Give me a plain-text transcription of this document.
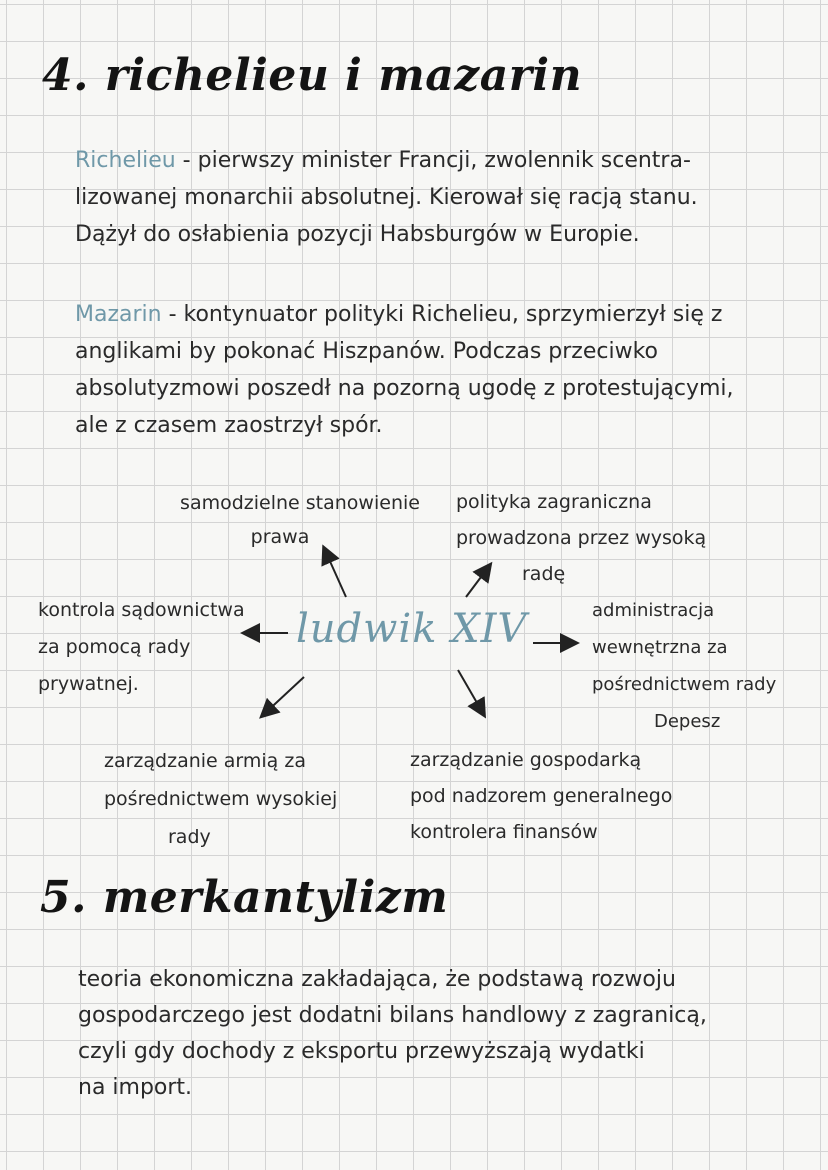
4. richelieu i mazarin
Richelieu - pierwszy minister Francji, zwolennik scentra-
lizowanej monarchii absolutnej. Kierował się racją stanu.
Dążył do osłabienia pozycji Habsburgów w Europie.
Mazarin - kontynuator polityki Richelieu, sprzymierzył się z
anglikami by pokonać Hiszpanów. Podczas przeciwko
absolutyzmowi poszedł na pozorną ugodę z protestującymi,
ale z czasem zaostrzył spór.
ludwik XIV
samodzielne stanowienie
prawa
polityka zagraniczna
prowadzona przez wysoką
radę
kontrola sądownictwa
za pomocą rady
prywatnej.
administracja
wewnętrzna za
pośrednictwem rady
Depesz
zarządzanie armią za
pośrednictwem wysokiej
rady
zarządzanie gospodarką
pod nadzorem generalnego
kontrolera finansów
5. merkantylizm
teoria ekonomiczna zakładająca, że podstawą rozwoju
gospodarczego jest dodatni bilans handlowy z zagranicą,
czyli gdy dochody z eksportu przewyższają wydatki
na import.
